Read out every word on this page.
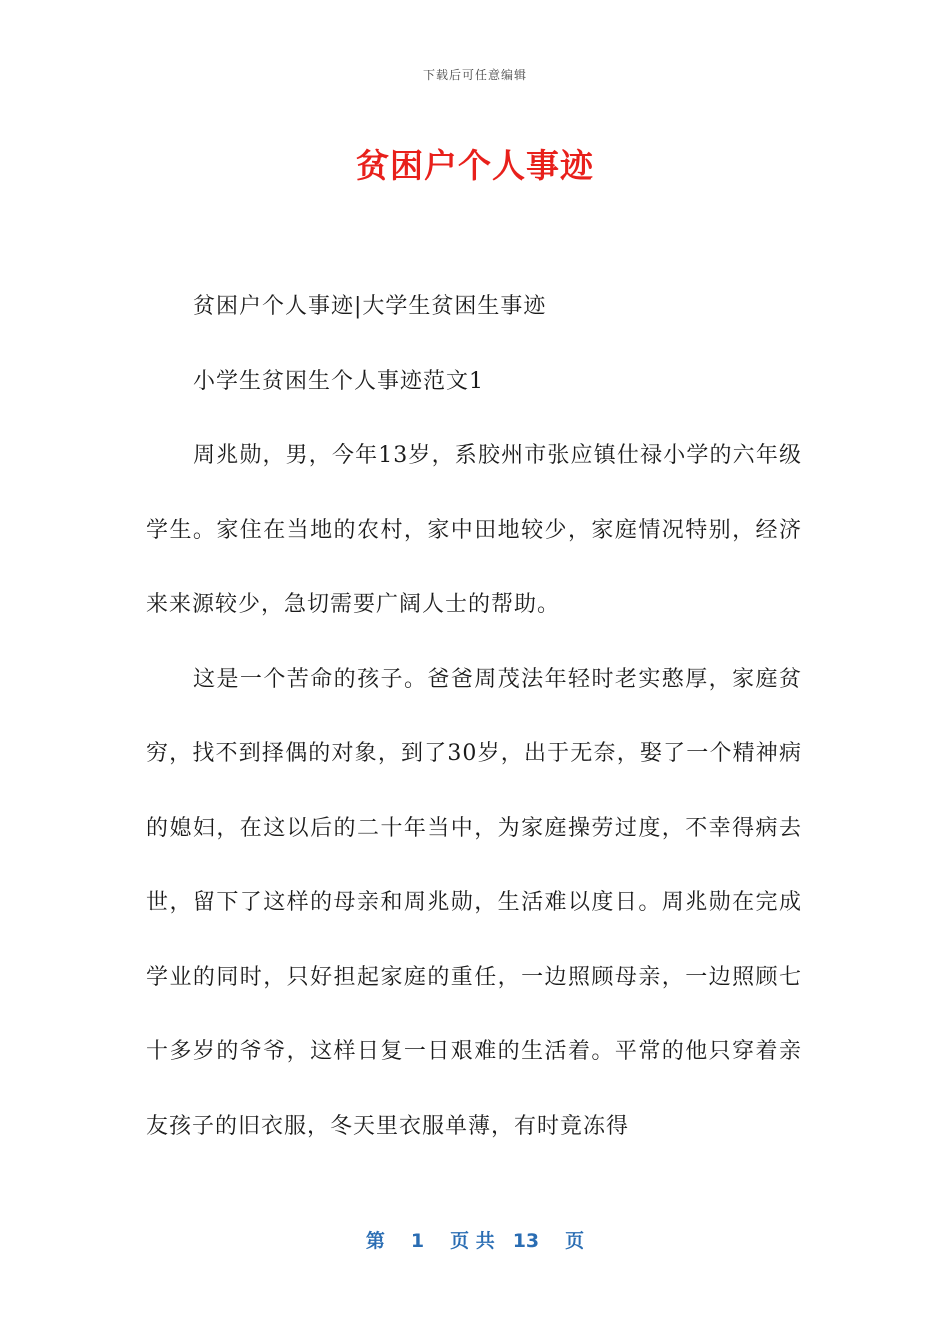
下载后可任意编辑
贫困户个人事迹

贫困户个人事迹|大学生贫困生事迹

小学生贫困生个人事迹范文1

周兆勋，男，今年13岁，系胶州市张应镇仕禄小学的六年级学生。家住在当地的农村，家中田地较少，家庭情况特别，经济来来源较少，急切需要广阔人士的帮助。

这是一个苦命的孩子。爸爸周茂法年轻时老实憨厚，家庭贫穷，找不到择偶的对象，到了30岁，出于无奈，娶了一个精神病的媳妇，在这以后的二十年当中，为家庭操劳过度，不幸得病去世，留下了这样的母亲和周兆勋，生活难以度日。周兆勋在完成学业的同时，只好担起家庭的重任，一边照顾母亲，一边照顾七十多岁的爷爷，这样日复一日艰难的生活着。平常的他只穿着亲友孩子的旧衣服，冬天里衣服单薄，有时竟冻得

第 1 页 共 13 页
